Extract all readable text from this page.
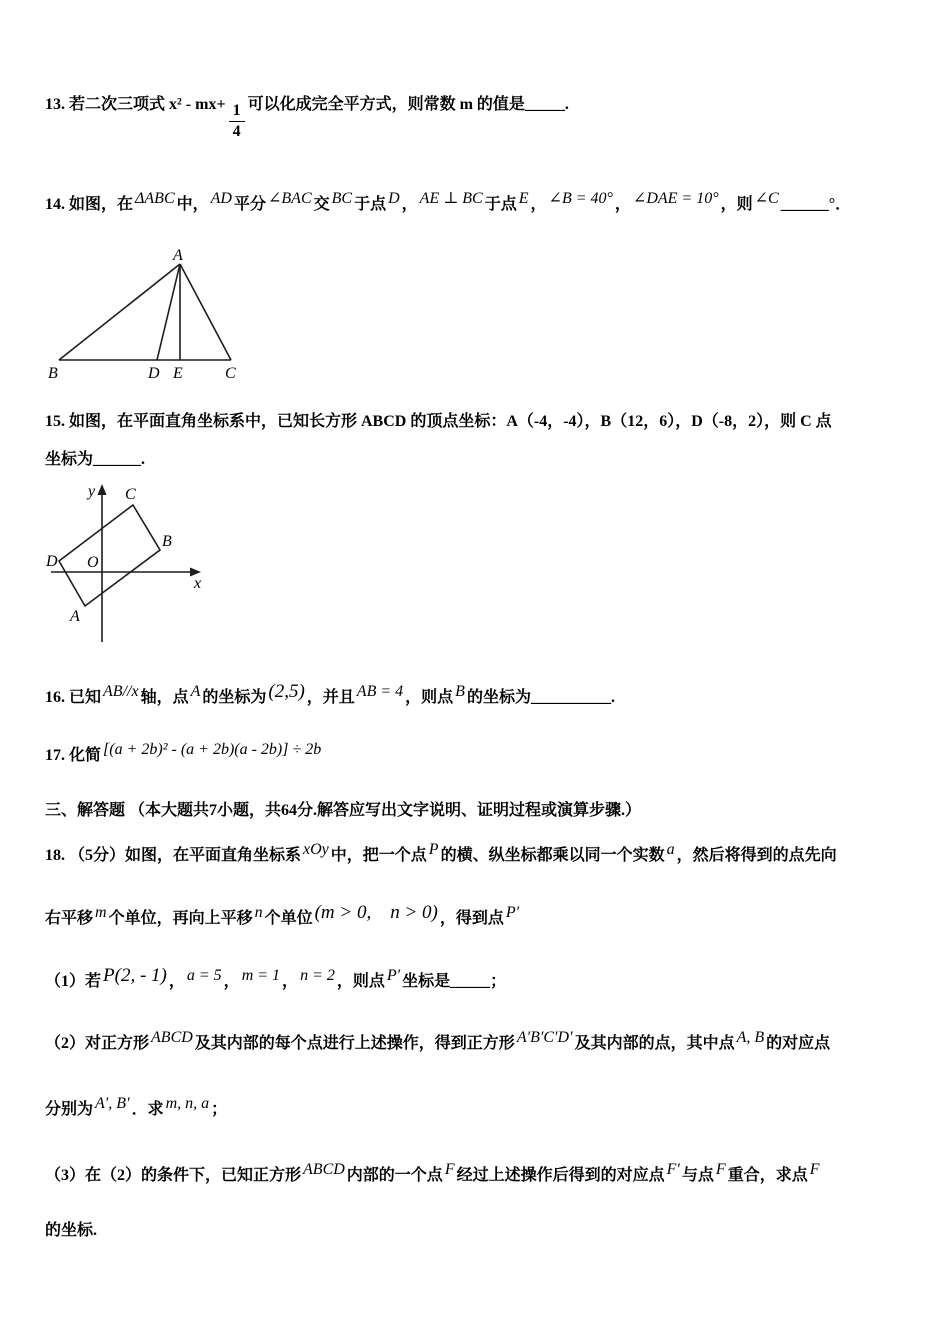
13. 若二次三项式 $x^2 - mx+ \frac{1}{4}$ 可以化成完全平方式，则常数 m 的值是_____.
14. 如图，在 ΔABC 中， AD 平分 ∠BAC 交 BC 于点 D ， AE ⊥ BC 于点 E ， ∠B = 40° ， ∠DAE = 10° ，则 ∠C ______°．
A
B	D E	C
15. 如图，在平面直角坐标系中，已知长方形 ABCD 的顶点坐标：A（-4，-4），B（12，6），D（-8，2），则 C 点
坐标为______.
y
x
O
D
C
B
A
16. 已知 AB//x 轴，点 A 的坐标为 (2,5) ，并且 AB = 4 ，则点 B 的坐标为__________.
17. 化简 [(a + 2b)² - (a + 2b)(a - 2b)] ÷ 2b
三、解答题 （本大题共7小题，共64分.解答应写出文字说明、证明过程或演算步骤.）
18. （5分）如图，在平面直角坐标系 xOy 中，把一个点 P 的横、纵坐标都乘以同一个实数 a ，然后将得到的点先向
右平移 m 个单位，再向上平移 n 个单位 (m > 0,　n > 0) ，得到点 P′
（1）若 P(2, - 1) ， a = 5 ， m = 1 ， n = 2 ，则点 P′ 坐标是_____；
（2）对正方形 ABCD 及其内部的每个点进行上述操作，得到正方形 A′B′C′D′ 及其内部的点，其中点 A, B 的对应点
分别为 A′, B′ ．求 m, n, a ；
（3）在（2）的条件下，已知正方形 ABCD 内部的一个点 F 经过上述操作后得到的对应点 F′ 与点 F 重合，求点 F
的坐标.
